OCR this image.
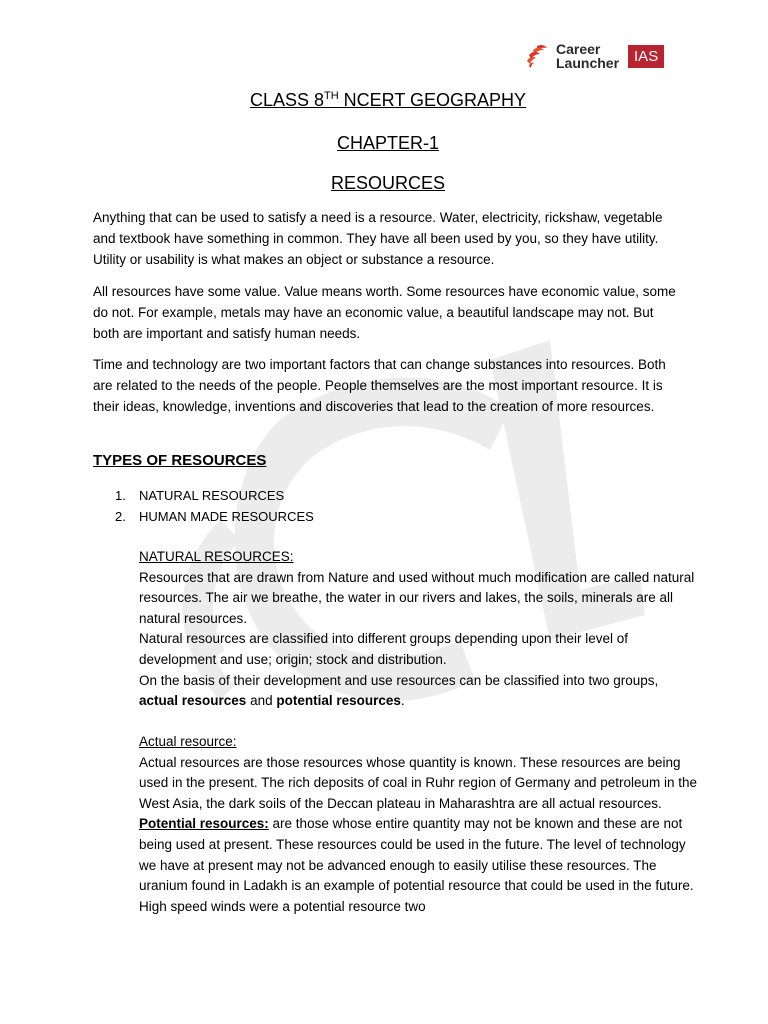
Career
Launcher	IAS
CLASS 8TH NCERT GEOGRAPHY
CHAPTER-1
RESOURCES
Anything that can be used to satisfy a need is a resource. Water, electricity, rickshaw, vegetable and textbook have something in common. They have all been used by you, so they have utility. Utility or usability is what makes an object or substance a resource.
All resources have some value. Value means worth. Some resources have economic value, some do not. For example, metals may have an economic value, a beautiful landscape may not. But both are important and satisfy human needs.
Time and technology are two important factors that can change substances into resources. Both are related to the needs of the people. People themselves are the most important resource. It is their ideas, knowledge, inventions and discoveries that lead to the creation of more resources.
TYPES OF RESOURCES
1. NATURAL RESOURCES
2. HUMAN MADE RESOURCES
NATURAL RESOURCES:
Resources that are drawn from Nature and used without much modification are called natural resources. The air we breathe, the water in our rivers and lakes, the soils, minerals are all natural resources.
Natural resources are classified into different groups depending upon their level of development and use; origin; stock and distribution.
On the basis of their development and use resources can be classified into two groups, actual resources and potential resources.
Actual resource:
Actual resources are those resources whose quantity is known. These resources are being used in the present. The rich deposits of coal in Ruhr region of Germany and petroleum in the West Asia, the dark soils of the Deccan plateau in Maharashtra are all actual resources.
Potential resources: are those whose entire quantity may not be known and these are not being used at present. These resources could be used in the future. The level of technology we have at present may not be advanced enough to easily utilise these resources. The uranium found in Ladakh is an example of potential resource that could be used in the future. High speed winds were a potential resource two
